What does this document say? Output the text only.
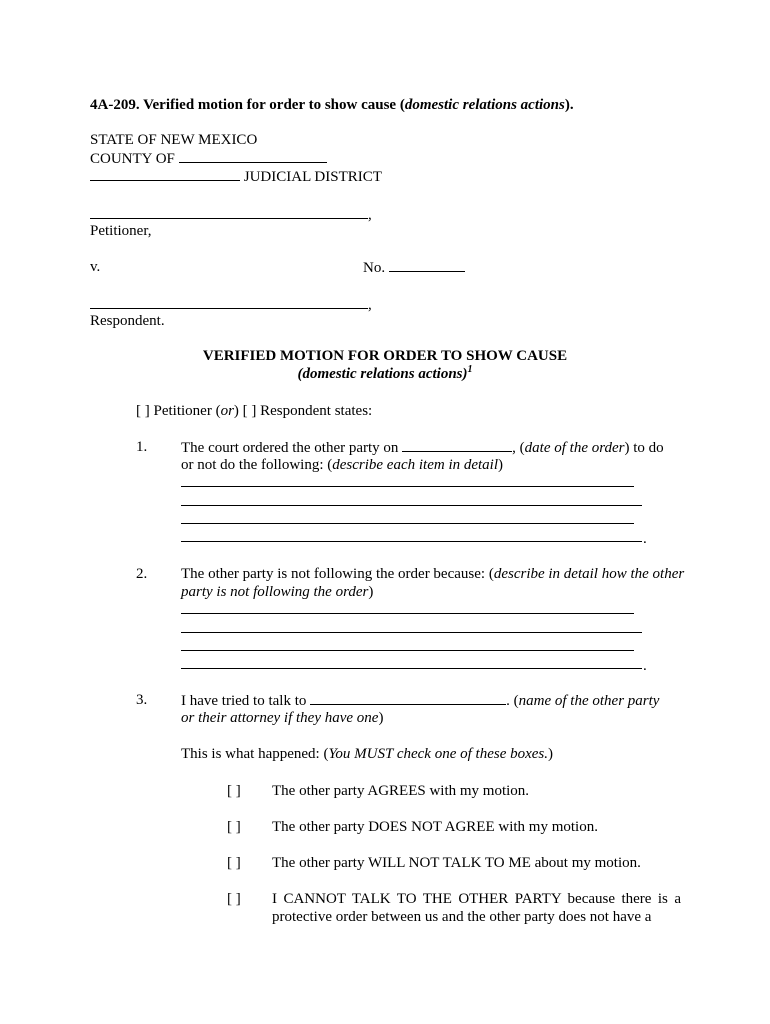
4A-209. Verified motion for order to show cause (domestic relations actions).
STATE OF NEW MEXICO
COUNTY OF
JUDICIAL DISTRICT
,
Petitioner,
v.	No.
,
Respondent.
VERIFIED MOTION FOR ORDER TO SHOW CAUSE
(domestic relations actions)$^1$
[ ] Petitioner (or) [ ] Respondent states:
1. The court ordered the other party on	, (date of the order) to do
or not do the following: (describe each item in detail)
.
2. The other party is not following the order because: (describe in detail how the other
party is not following the order)
.
3. I have tried to talk to	. (name of the other party
or their attorney if they have one)
This is what happened: (You MUST check one of these boxes.)
[ ] The other party AGREES with my motion.
[ ] The other party DOES NOT AGREE with my motion.
[ ] The other party WILL NOT TALK TO ME about my motion.
[ ] I CANNOT TALK TO THE OTHER PARTY because there is a protective order between us and the other party does not have a
